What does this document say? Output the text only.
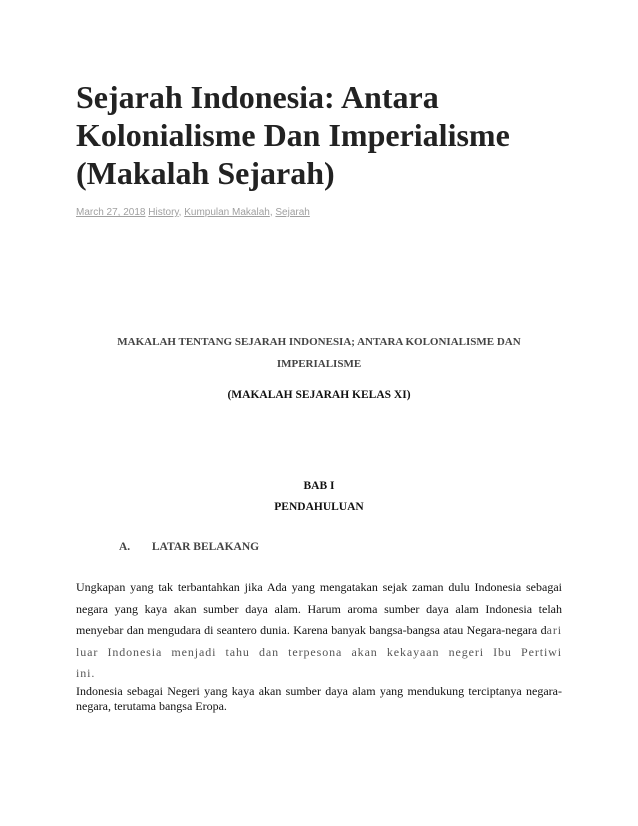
Sejarah Indonesia: Antara Kolonialisme Dan Imperialisme (Makalah Sejarah)
March 27, 2018 History, Kumpulan Makalah, Sejarah
MAKALAH TENTANG SEJARAH INDONESIA; ANTARA KOLONIALISME DAN
IMPERIALISME
(MAKALAH SEJARAH KELAS XI)
BAB I
PENDAHULUAN
A. LATAR BELAKANG

Ungkapan yang tak terbantahkan jika Ada yang mengatakan sejak zaman dulu Indonesia sebagai negara yang kaya akan sumber daya alam. Harum aroma sumber daya alam Indonesia telah menyebar dan mengudara di seantero dunia. Karena banyak bangsa-bangsa atau Negara-negara dari luar Indonesia menjadi tahu dan terpesona akan kekayaan negeri Ibu Pertiwi ini.

Indonesia sebagai Negeri yang kaya akan sumber daya alam yang mendukung terciptanya negara-negara, terutama bangsa Eropa.
